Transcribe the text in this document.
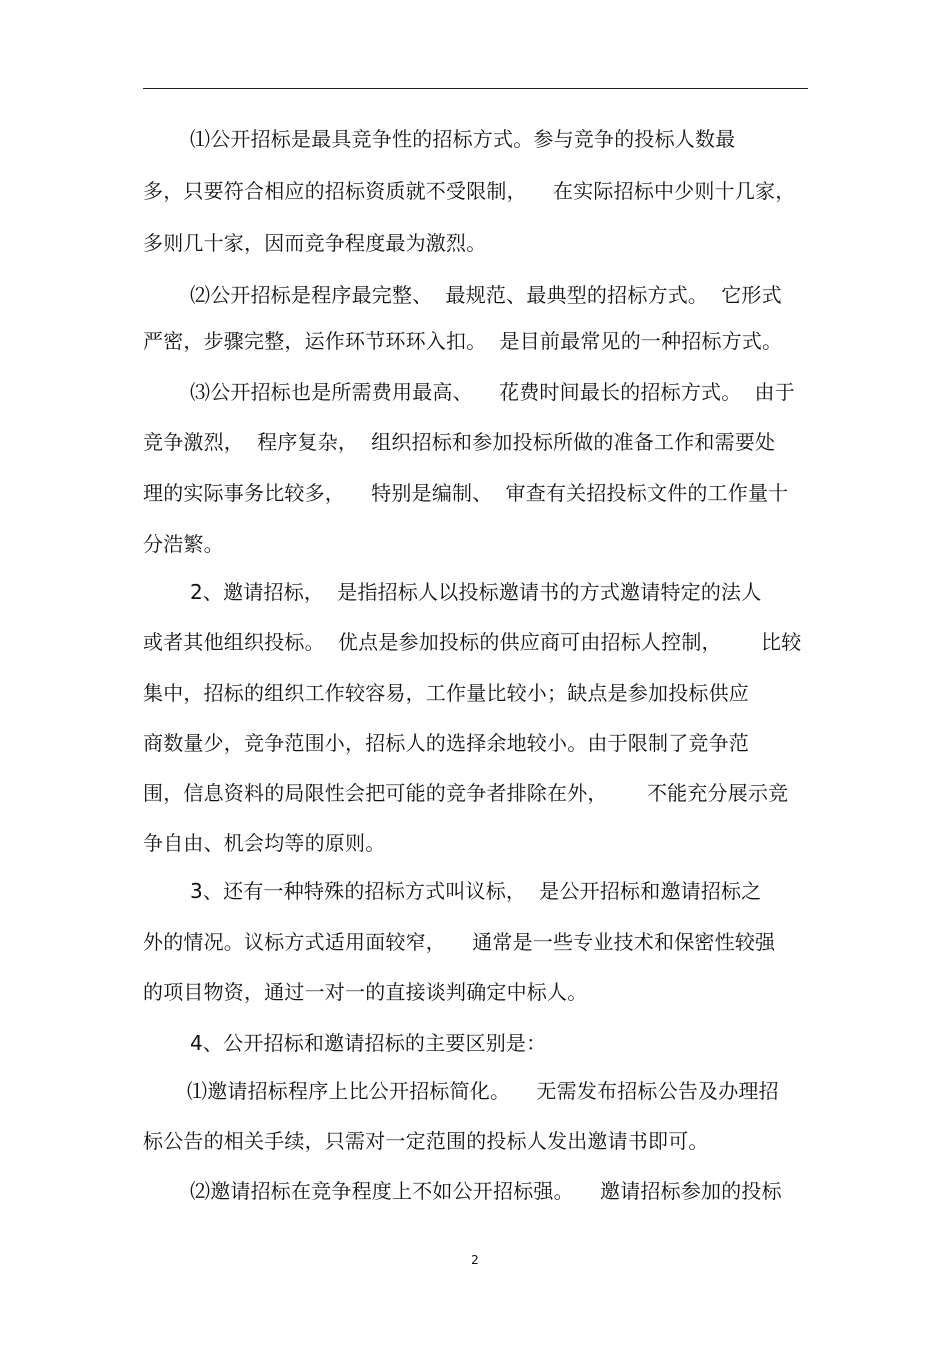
⑴公开招标是最具竞争性的招标方式。参与竞争的投标人数最
多，只要符合相应的招标资质就不受限制，    在实际招标中少则十几家，
多则几十家，因而竞争程度最为激烈。
⑵公开招标是程序最完整、  最规范、最典型的招标方式。  它形式
严密，步骤完整，运作环节环环入扣。  是目前最常见的一种招标方式。
⑶公开招标也是所需费用最高、    花费时间最长的招标方式。  由于
竞争激烈，  程序复杂，  组织招标和参加投标所做的准备工作和需要处
理的实际事务比较多，    特别是编制、  审查有关招投标文件的工作量十
分浩繁。
2、邀请招标，  是指招标人以投标邀请书的方式邀请特定的法人
或者其他组织投标。  优点是参加投标的供应商可由招标人控制，      比较
集中，招标的组织工作较容易，工作量比较小；缺点是参加投标供应
商数量少，竞争范围小，招标人的选择余地较小。由于限制了竞争范
围，信息资料的局限性会把可能的竞争者排除在外，      不能充分展示竞
争自由、机会均等的原则。
3、还有一种特殊的招标方式叫议标，  是公开招标和邀请招标之
外的情况。议标方式适用面较窄，    通常是一些专业技术和保密性较强
的项目物资，通过一对一的直接谈判确定中标人。
4、公开招标和邀请招标的主要区别是：
⑴邀请招标程序上比公开招标简化。    无需发布招标公告及办理招
标公告的相关手续，只需对一定范围的投标人发出邀请书即可。
⑵邀请招标在竞争程度上不如公开招标强。    邀请招标参加的投标
2
